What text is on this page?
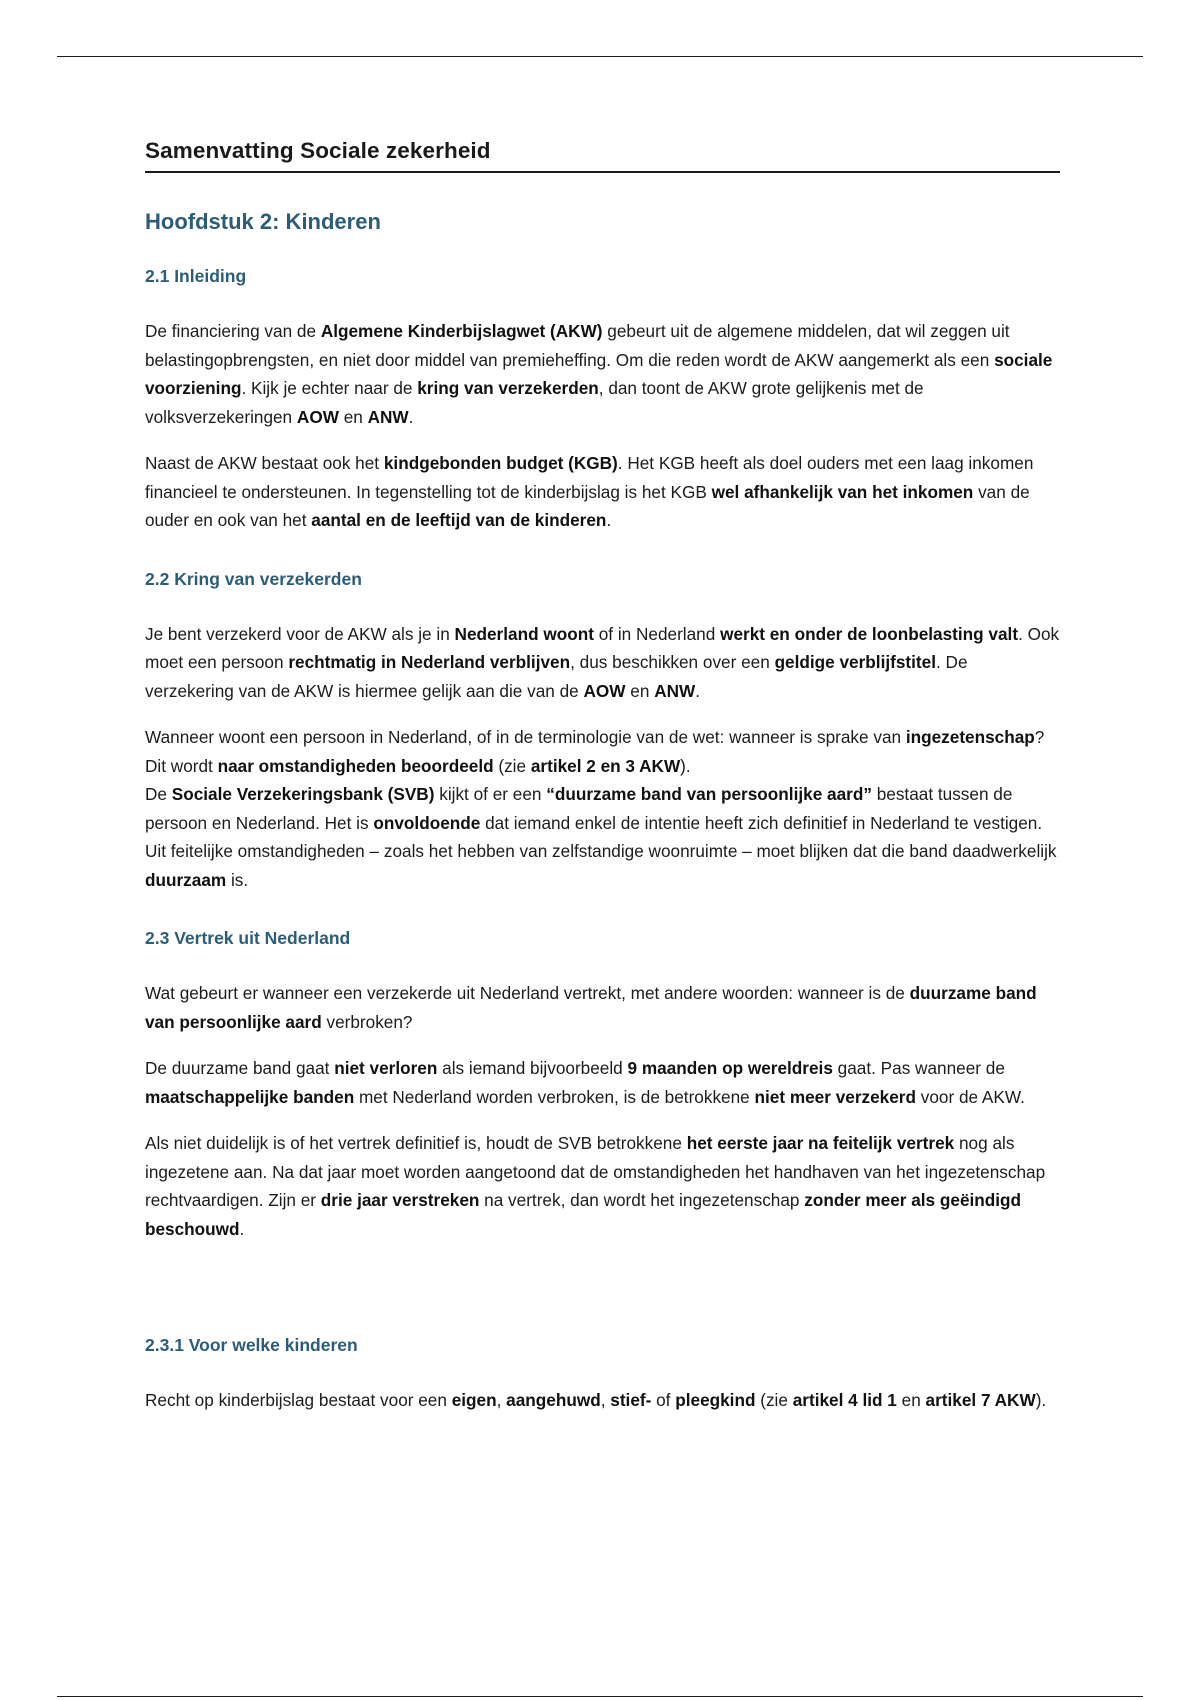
Samenvatting Sociale zekerheid
Hoofdstuk 2: Kinderen
2.1 Inleiding

De financiering van de Algemene Kinderbijslagwet (AKW) gebeurt uit de algemene middelen, dat wil zeggen uit belastingopbrengsten, en niet door middel van premieheffing. Om die reden wordt de AKW aangemerkt als een sociale voorziening. Kijk je echter naar de kring van verzekerden, dan toont de AKW grote gelijkenis met de volksverzekeringen AOW en ANW.

Naast de AKW bestaat ook het kindgebonden budget (KGB). Het KGB heeft als doel ouders met een laag inkomen financieel te ondersteunen. In tegenstelling tot de kinderbijslag is het KGB wel afhankelijk van het inkomen van de ouder en ook van het aantal en de leeftijd van de kinderen.

2.2 Kring van verzekerden

Je bent verzekerd voor de AKW als je in Nederland woont of in Nederland werkt en onder de loonbelasting valt. Ook moet een persoon rechtmatig in Nederland verblijven, dus beschikken over een geldige verblijfstitel. De verzekering van de AKW is hiermee gelijk aan die van de AOW en ANW.

Wanneer woont een persoon in Nederland, of in de terminologie van de wet: wanneer is sprake van ingezetenschap? Dit wordt naar omstandigheden beoordeeld (zie artikel 2 en 3 AKW).

De Sociale Verzekeringsbank (SVB) kijkt of er een “duurzame band van persoonlijke aard” bestaat tussen de persoon en Nederland. Het is onvoldoende dat iemand enkel de intentie heeft zich definitief in Nederland te vestigen. Uit feitelijke omstandigheden – zoals het hebben van zelfstandige woonruimte – moet blijken dat die band daadwerkelijk duurzaam is.

2.3 Vertrek uit Nederland

Wat gebeurt er wanneer een verzekerde uit Nederland vertrekt, met andere woorden: wanneer is de duurzame band van persoonlijke aard verbroken?

De duurzame band gaat niet verloren als iemand bijvoorbeeld 9 maanden op wereldreis gaat. Pas wanneer de maatschappelijke banden met Nederland worden verbroken, is de betrokkene niet meer verzekerd voor de AKW.

Als niet duidelijk is of het vertrek definitief is, houdt de SVB betrokkene het eerste jaar na feitelijk vertrek nog als ingezetene aan. Na dat jaar moet worden aangetoond dat de omstandigheden het handhaven van het ingezetenschap rechtvaardigen. Zijn er drie jaar verstreken na vertrek, dan wordt het ingezetenschap zonder meer als geëindigd beschouwd.

2.3.1 Voor welke kinderen

Recht op kinderbijslag bestaat voor een eigen, aangehuwd, stief- of pleegkind (zie artikel 4 lid 1 en artikel 7 AKW).
